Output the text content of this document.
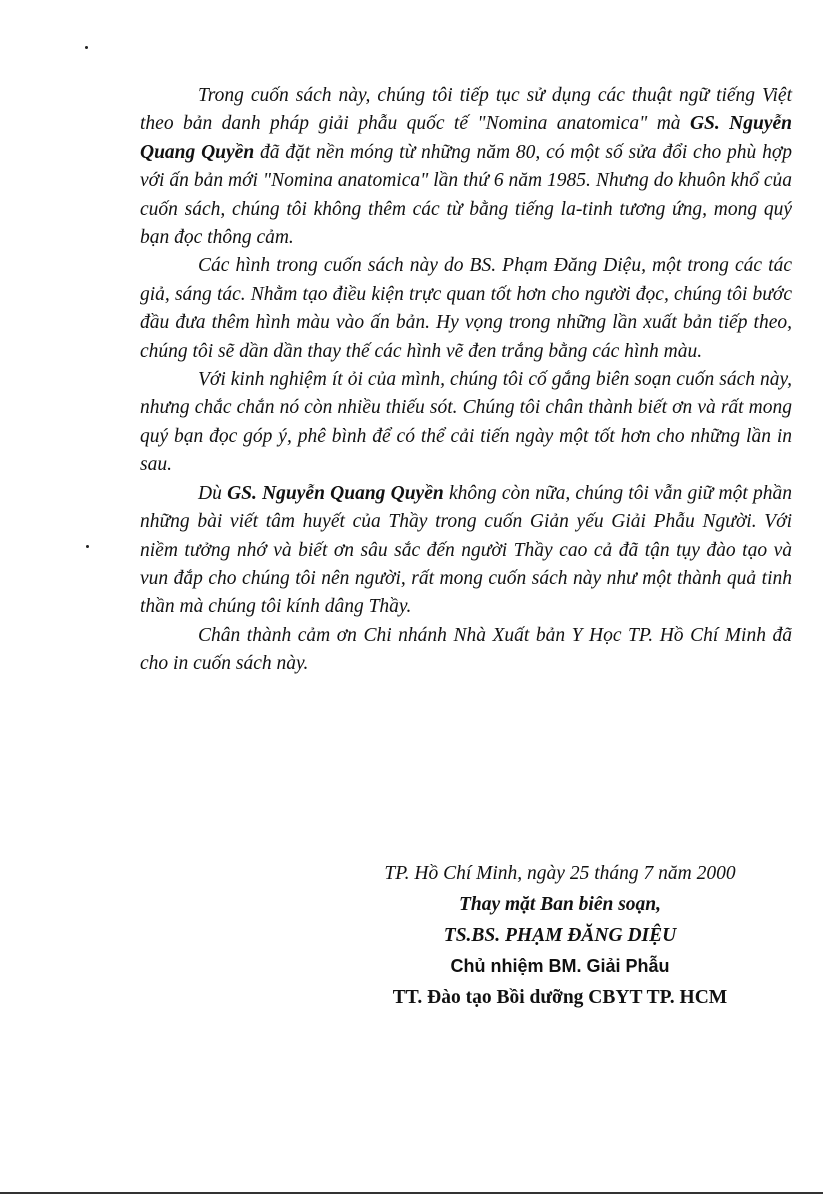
Trong cuốn sách này, chúng tôi tiếp tục sử dụng các thuật ngữ tiếng Việt theo bản danh pháp giải phẫu quốc tế "Nomina anatomica" mà GS. Nguyễn Quang Quyền đã đặt nền móng từ những năm 80, có một số sửa đổi cho phù hợp với ấn bản mới "Nomina anatomica" lần thứ 6 năm 1985. Nhưng do khuôn khổ của cuốn sách, chúng tôi không thêm các từ bằng tiếng la-tinh tương ứng, mong quý bạn đọc thông cảm.

Các hình trong cuốn sách này do BS. Phạm Đăng Diệu, một trong các tác giả, sáng tác. Nhằm tạo điều kiện trực quan tốt hơn cho người đọc, chúng tôi bước đầu đưa thêm hình màu vào ấn bản. Hy vọng trong những lần xuất bản tiếp theo, chúng tôi sẽ dần dần thay thế các hình vẽ đen trắng bằng các hình màu.

Với kinh nghiệm ít ỏi của mình, chúng tôi cố gắng biên soạn cuốn sách này, nhưng chắc chắn nó còn nhiều thiếu sót. Chúng tôi chân thành biết ơn và rất mong quý bạn đọc góp ý, phê bình để có thể cải tiến ngày một tốt hơn cho những lần in sau.

Dù GS. Nguyễn Quang Quyền không còn nữa, chúng tôi vẫn giữ một phần những bài viết tâm huyết của Thầy trong cuốn Giản yếu Giải Phẫu Người. Với niềm tưởng nhớ và biết ơn sâu sắc đến người Thầy cao cả đã tận tụy đào tạo và vun đắp cho chúng tôi nên người, rất mong cuốn sách này như một thành quả tinh thần mà chúng tôi kính dâng Thầy.

Chân thành cảm ơn Chi nhánh Nhà Xuất bản Y Học TP. Hồ Chí Minh đã cho in cuốn sách này.

TP. Hồ Chí Minh, ngày 25 tháng 7 năm 2000
Thay mặt Ban biên soạn,
TS.BS. PHẠM ĐĂNG DIỆU
Chủ nhiệm BM. Giải Phẫu
TT. Đào tạo Bồi dưỡng CBYT TP. HCM
